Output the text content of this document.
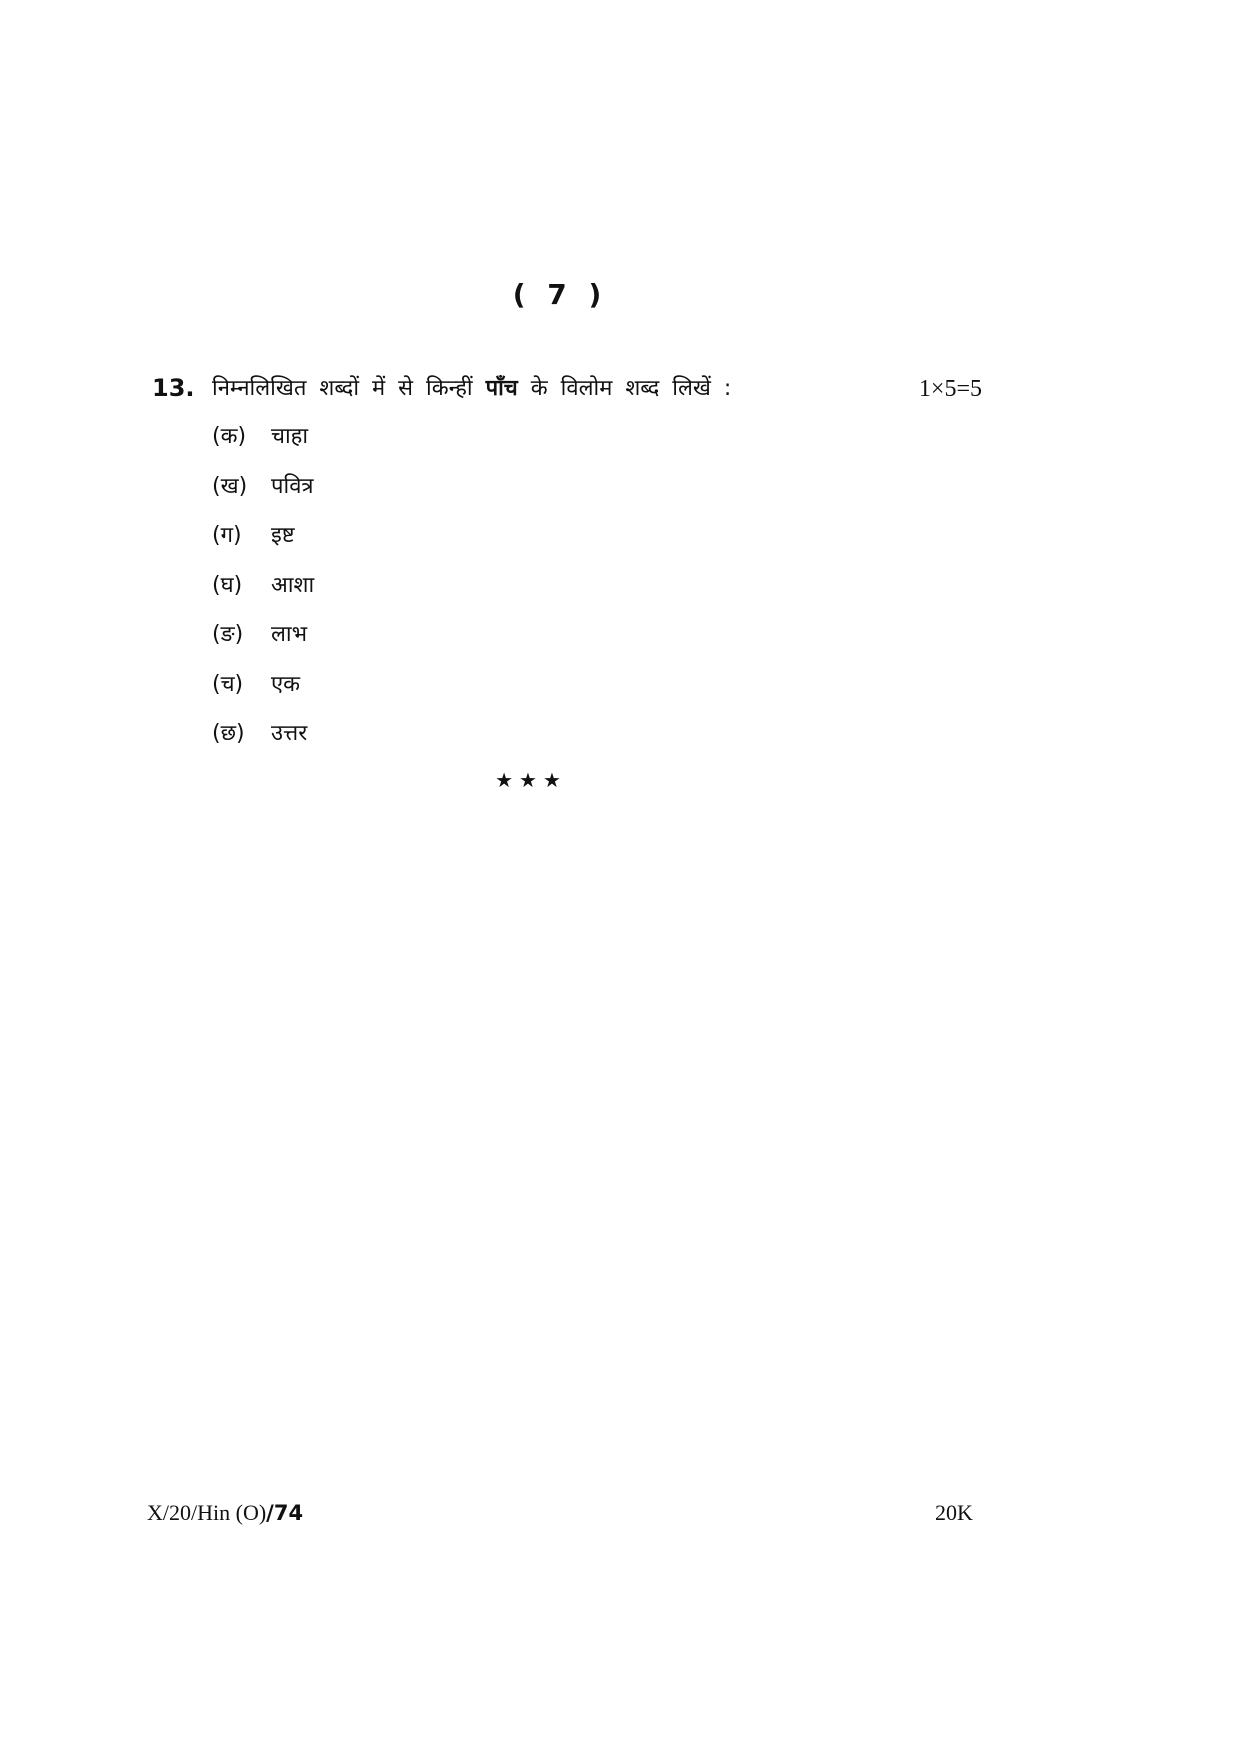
( 7 )
13. निम्नलिखित शब्दों में से किन्हीं पाँच के विलोम शब्द लिखें :	1×5=5
(क) चाहा
(ख) पवित्र
(ग) इष्ट
(घ) आशा
(ङ) लाभ
(च) एक
(छ) उत्तर
★★★
X/20/Hin (O)/74	20K
